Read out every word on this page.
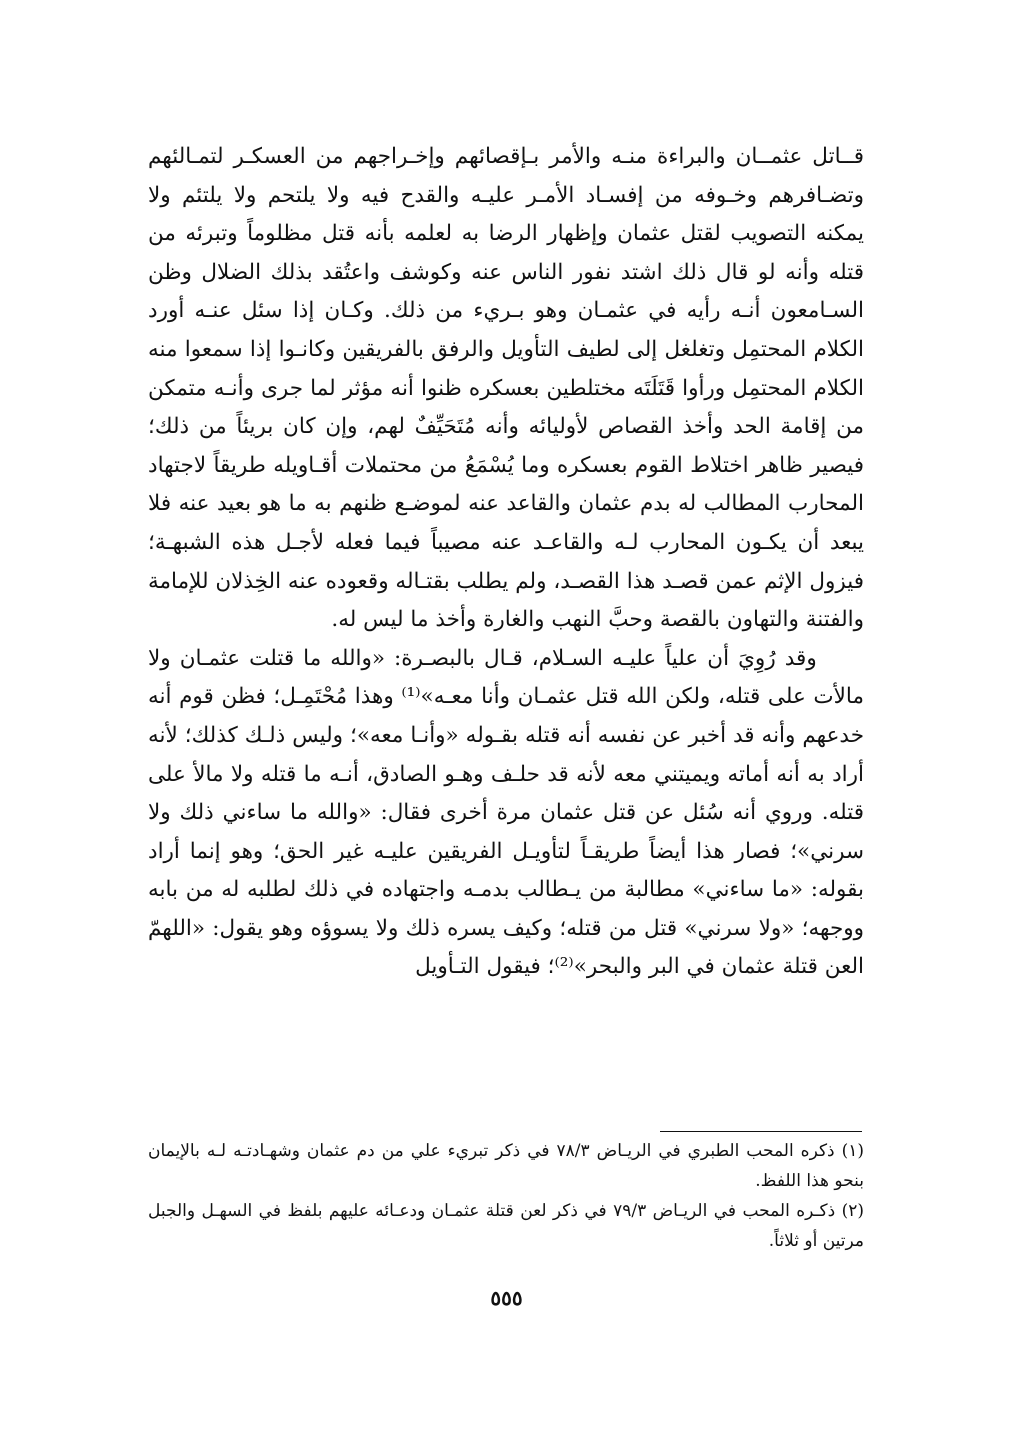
قــاتل عثمــان والبراءة منـه والأمر بـإقصائهم وإخـراجهم من العسكـر لتمـالئهم وتضـافرهم وخـوفه من إفسـاد الأمـر عليـه والقدح فيه ولا يلتحم ولا يلتئم ولا يمكنه التصويب لقتل عثمان وإظهار الرضا به لعلمه بأنه قتل مظلوماً وتبرئه من قتله وأنه لو قال ذلك اشتد نفور الناس عنه وكوشف واعتُقد بذلك الضلال وظن السـامعون أنـه رأيه في عثمـان وهو بـريء من ذلك. وكـان إذا سئل عنـه أورد الكلام المحتمِل وتغلغل إلى لطيف التأويل والرفق بالفريقين وكانـوا إذا سمعوا منه الكلام المحتمِل ورأوا قَتَلَتَه مختلطين بعسكره ظنوا أنه مؤثر لما جرى وأنـه متمكن من إقامة الحد وأخذ القصاص لأوليائه وأنه مُتَحَيِّفٌ لهم، وإن كان بريئاً من ذلك؛ فيصير ظاهر اختلاط القوم بعسكره وما يُسْمَعُ من محتملات أقـاويله طريقاً لاجتهاد المحارب المطالب له بدم عثمان والقاعد عنه لموضـع ظنهم به ما هو بعيد عنه فلا يبعد أن يكـون المحارب لـه والقاعـد عنه مصيباً فيما فعله لأجـل هذه الشبهـة؛ فيزول الإثم عمن قصـد هذا القصـد، ولم يطلب بقتـاله وقعوده عنه الخِذلان للإمامة والفتنة والتهاون بالقصة وحبَّ النهب والغارة وأخذ ما ليس له.

وقد رُوِيَ أن علياً عليـه السـلام، قـال بالبصـرة: «والله ما قتلت عثمـان ولا مالأت على قتله، ولكن الله قتل عثمـان وأنا معـه»⁽¹⁾ وهذا مُحْتَمِـل؛ فظن قوم أنه خدعهم وأنه قد أخبر عن نفسه أنه قتله بقـوله «وأنـا معه»؛ وليس ذلـك كذلك؛ لأنه أراد به أنه أماته ويميتني معه لأنه قد حلـف وهـو الصادق، أنـه ما قتله ولا مالأ على قتله. وروي أنه سُئل عن قتل عثمان مرة أخرى فقال: «والله ما ساءني ذلك ولا سرني»؛ فصار هذا أيضاً طريقـاً لتأويـل الفريقين عليـه غير الحق؛ وهو إنما أراد بقوله: «ما ساءني» مطالبة من يـطالب بدمـه واجتهاده في ذلك لطلبه له من بابه ووجهه؛ «ولا سرني» قتل من قتله؛ وكيف يسره ذلك ولا يسوؤه وهو يقول: «اللهمّ العن قتلة عثمان في البر والبحر»⁽²⁾؛ فيقول التـأويل

(١) ذكره المحب الطبري في الريـاض ٧٨/٣ في ذكر تبريء علي من دم عثمان وشهـادتـه لـه بالإيمان بنحو هذا اللفظ.

(٢) ذكـره المحب في الريـاض ٧٩/٣ في ذكر لعن قتلة عثمـان ودعـائه عليهم بلفظ في السهـل والجبل مرتين أو ثلاثاً.

٥٥٥
